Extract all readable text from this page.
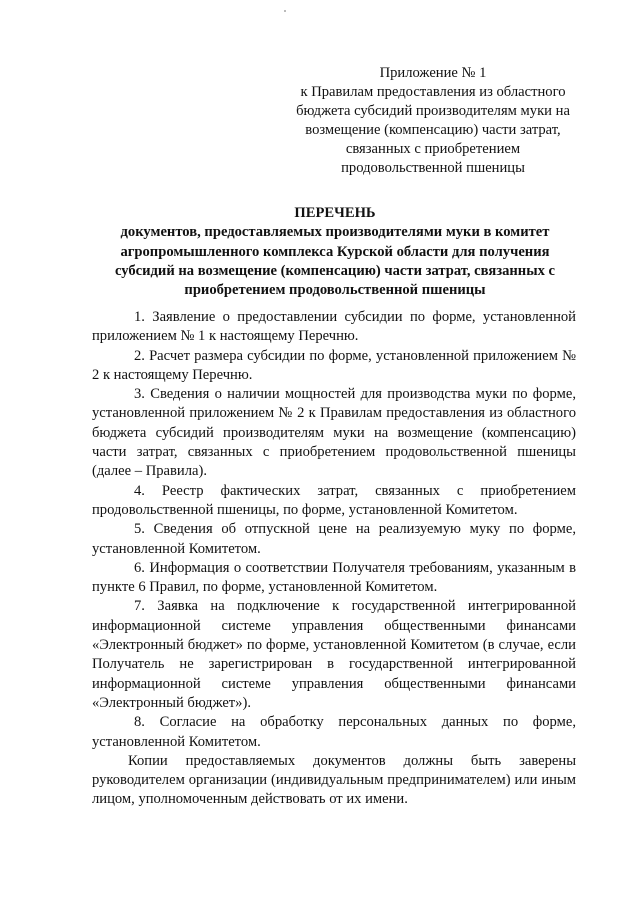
Приложение № 1
к Правилам предоставления из областного
бюджета субсидий производителям муки на
возмещение (компенсацию) части затрат,
связанных с приобретением
продовольственной пшеницы
ПЕРЕЧЕНЬ
документов, предоставляемых производителями муки в комитет
агропромышленного комплекса Курской области для получения
субсидий на возмещение (компенсацию) части затрат, связанных с
приобретением продовольственной пшеницы

1. Заявление о предоставлении субсидии по форме, установленной приложением № 1 к настоящему Перечню.

2. Расчет размера субсидии по форме, установленной приложением № 2 к настоящему Перечню.

3. Сведения о наличии мощностей для производства муки по форме, установленной приложением № 2 к Правилам предоставления из областного бюджета субсидий производителям муки на возмещение (компенсацию) части затрат, связанных с приобретением продовольственной пшеницы (далее – Правила).

4. Реестр фактических затрат, связанных с приобретением продовольственной пшеницы, по форме, установленной Комитетом.

5. Сведения об отпускной цене на реализуемую муку по форме, установленной Комитетом.

6. Информация о соответствии Получателя требованиям, указанным в пункте 6 Правил, по форме, установленной Комитетом.

7. Заявка на подключение к государственной интегрированной информационной системе управления общественными финансами «Электронный бюджет» по форме, установленной Комитетом (в случае, если Получатель не зарегистрирован в государственной интегрированной информационной системе управления общественными финансами «Электронный бюджет»).

8. Согласие на обработку персональных данных по форме, установленной Комитетом.

Копии предоставляемых документов должны быть заверены руководителем организации (индивидуальным предпринимателем) или иным лицом, уполномоченным действовать от их имени.
